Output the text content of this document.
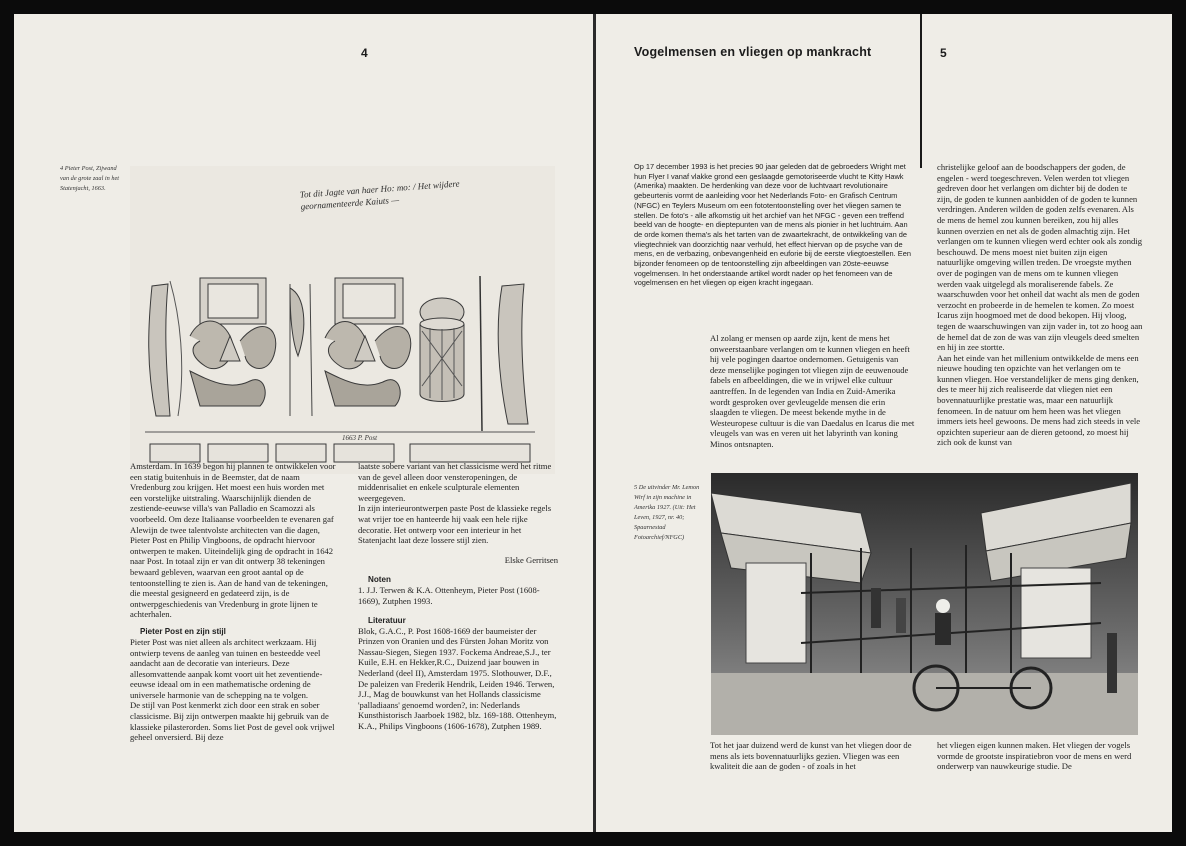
4
4 Pieter Post, Zijwand van de grote zaal in het Statenjacht, 1663.	Tot dit Jagte van haer Ho: mo: / Het wijdere geornamenteerde Kaiuts —
1663 P. Post

Amsterdam. In 1639 begon hij plannen te ontwikkelen voor een statig buitenhuis in de Beemster, dat de naam Vredenburg zou krijgen. Het moest een huis worden met een vorstelijke uitstraling. Waarschijnlijk dienden de zestiende-eeuwse villa's van Palladio en Scamozzi als voorbeeld. Om deze Italiaanse voorbeelden te evenaren gaf Alewijn de twee talentvolste architecten van die dagen, Pieter Post en Philip Vingboons, de opdracht hiervoor ontwerpen te maken. Uiteindelijk ging de opdracht in 1642 naar Post. In totaal zijn er van dit ontwerp 38 tekeningen bewaard gebleven, waarvan een groot aantal op de tentoonstelling te zien is. Aan de hand van de tekeningen, die meestal gesigneerd en gedateerd zijn, is de ontwerpgeschiedenis van Vredenburg in grote lijnen te achterhalen.

Pieter Post en zijn stijl

Pieter Post was niet alleen als architect werkzaam. Hij ontwierp tevens de aanleg van tuinen en besteedde veel aandacht aan de decoratie van interieurs. Deze allesomvattende aanpak komt voort uit het zeventiende-eeuwse ideaal om in een mathematische ordening de universele harmonie van de schepping na te volgen.

De stijl van Post kenmerkt zich door een strak en sober classicisme. Bij zijn ontwerpen maakte hij gebruik van de klassieke pilasterorden. Soms liet Post de gevel ook vrijwel geheel onversierd. Bij deze

laatste sobere variant van het classicisme werd het ritme van de gevel alleen door vensteropeningen, de middenrisaliet en enkele sculpturale elementen weergegeven.

In zijn interieurontwerpen paste Post de klassieke regels wat vrijer toe en hanteerde hij vaak een hele rijke decoratie. Het ontwerp voor een interieur in het Statenjacht laat deze lossere stijl zien.

Elske Gerritsen

Noten

1. J.J. Terwen & K.A. Ottenheym, Pieter Post (1608-1669), Zutphen 1993.

Literatuur

Blok, G.A.C., P. Post 1608-1669 der baumeister der Prinzen von Oranien und des Fürsten Johan Moritz von Nassau-Siegen, Siegen 1937. Fockema Andreae,S.J., ter Kuile, E.H. en Hekker,R.C., Duizend jaar bouwen in Nederland (deel II), Amsterdam 1975. Slothouwer, D.F., De paleizen van Frederik Hendrik, Leiden 1946. Terwen, J.J., Mag de bouwkunst van het Hollands classicisme 'palladiaans' genoemd worden?, in: Nederlands Kunsthistorisch Jaarboek 1982, blz. 169-188. Ottenheym, K.A., Philips Vingboons (1606-1678), Zutphen 1989.

Vogelmensen en vliegen op mankracht	5
Op 17 december 1993 is het precies 90 jaar geleden dat de gebroeders Wright met hun Flyer I vanaf vlakke grond een geslaagde gemotoriseerde vlucht te Kitty Hawk (Amerika) maakten. De herdenking van deze voor de luchtvaart revolutionaire gebeurtenis vormt de aanleiding voor het Nederlands Foto- en Grafisch Centrum (NFGC) en Teylers Museum om een fototentoonstelling over het vliegen samen te stellen. De foto's - alle afkomstig uit het archief van het NFGC - geven een treffend beeld van de hoogte- en dieptepunten van de mens als pionier in het luchtruim. Aan de orde komen thema's als het tarten van de zwaartekracht, de ontwikkeling van de vliegtechniek van doorzichtig naar verhuld, het effect hiervan op de psyche van de mens, en de verbazing, onbevangenheid en euforie bij de eerste vliegtoestellen. Een bijzonder fenomeen op de tentoonstelling zijn afbeeldingen van 20ste-eeuwse vogelmensen. In het onderstaande artikel wordt nader op het fenomeen van de vogelmensen en het vliegen op eigen kracht ingegaan.
Al zolang er mensen op aarde zijn, kent de mens het onweerstaanbare verlangen om te kunnen vliegen en heeft hij vele pogingen daartoe ondernomen. Getuigenis van deze menselijke pogingen tot vliegen zijn de eeuwenoude fabels en afbeeldingen, die we in vrijwel elke cultuur aantreffen. In de legenden van India en Zuid-Amerika wordt gesproken over gevleugelde mensen die erin slaagden te vliegen. De meest bekende mythe in de Westeuropese cultuur is die van Daedalus en Icarus die met vleugels van was en veren uit het labyrinth van koning Minos ontsnapten.

christelijke geloof aan de boodschappers der goden, de engelen - werd toegeschreven. Velen werden tot vliegen gedreven door het verlangen om dichter bij de doden te zijn, de goden te kunnen aanbidden of de goden te kunnen verdringen. Anderen wilden de goden zelfs evenaren. Als de mens de hemel zou kunnen bereiken, zou hij alles kunnen overzien en net als de goden almachtig zijn. Het verlangen om te kunnen vliegen werd echter ook als zondig beschouwd. De mens moest niet buiten zijn eigen natuurlijke omgeving willen treden. De vroegste mythen over de pogingen van de mens om te kunnen vliegen werden vaak uitgelegd als moraliserende fabels. Ze waarschuwden voor het onheil dat wacht als men de goden verzocht en probeerde in de hemelen te komen. Zo moest Icarus zijn hoogmoed met de dood bekopen. Hij vloog, tegen de waarschuwingen van zijn vader in, tot zo hoog aan de hemel dat de zon de was van zijn vleugels deed smelten en hij in zee stortte.

Aan het einde van het millenium ontwikkelde de mens een nieuwe houding ten opzichte van het verlangen om te kunnen vliegen. Hoe verstandelijker de mens ging denken, des te meer hij zich realiseerde dat vliegen niet een bovennatuurlijke prestatie was, maar een natuurlijk fenomeen. In de natuur om hem heen was het vliegen immers iets heel gewoons. De mens had zich steeds in vele opzichten superieur aan de dieren getoond, zo moest hij zich ook de kunst van

5 De uitvinder Mr. Lemon Wirf in zijn machine in Amerika 1927. (Uit: Het Leven, 1927, nr. 40; Spaarnestad Fotoarchief/NFGC)
Tot het jaar duizend werd de kunst van het vliegen door de mens als iets bovennatuurlijks gezien. Vliegen was een kwaliteit die aan de goden - of zoals in het
het vliegen eigen kunnen maken. Het vliegen der vogels vormde de grootste inspiratiebron voor de mens en werd onderwerp van nauwkeurige studie. De
